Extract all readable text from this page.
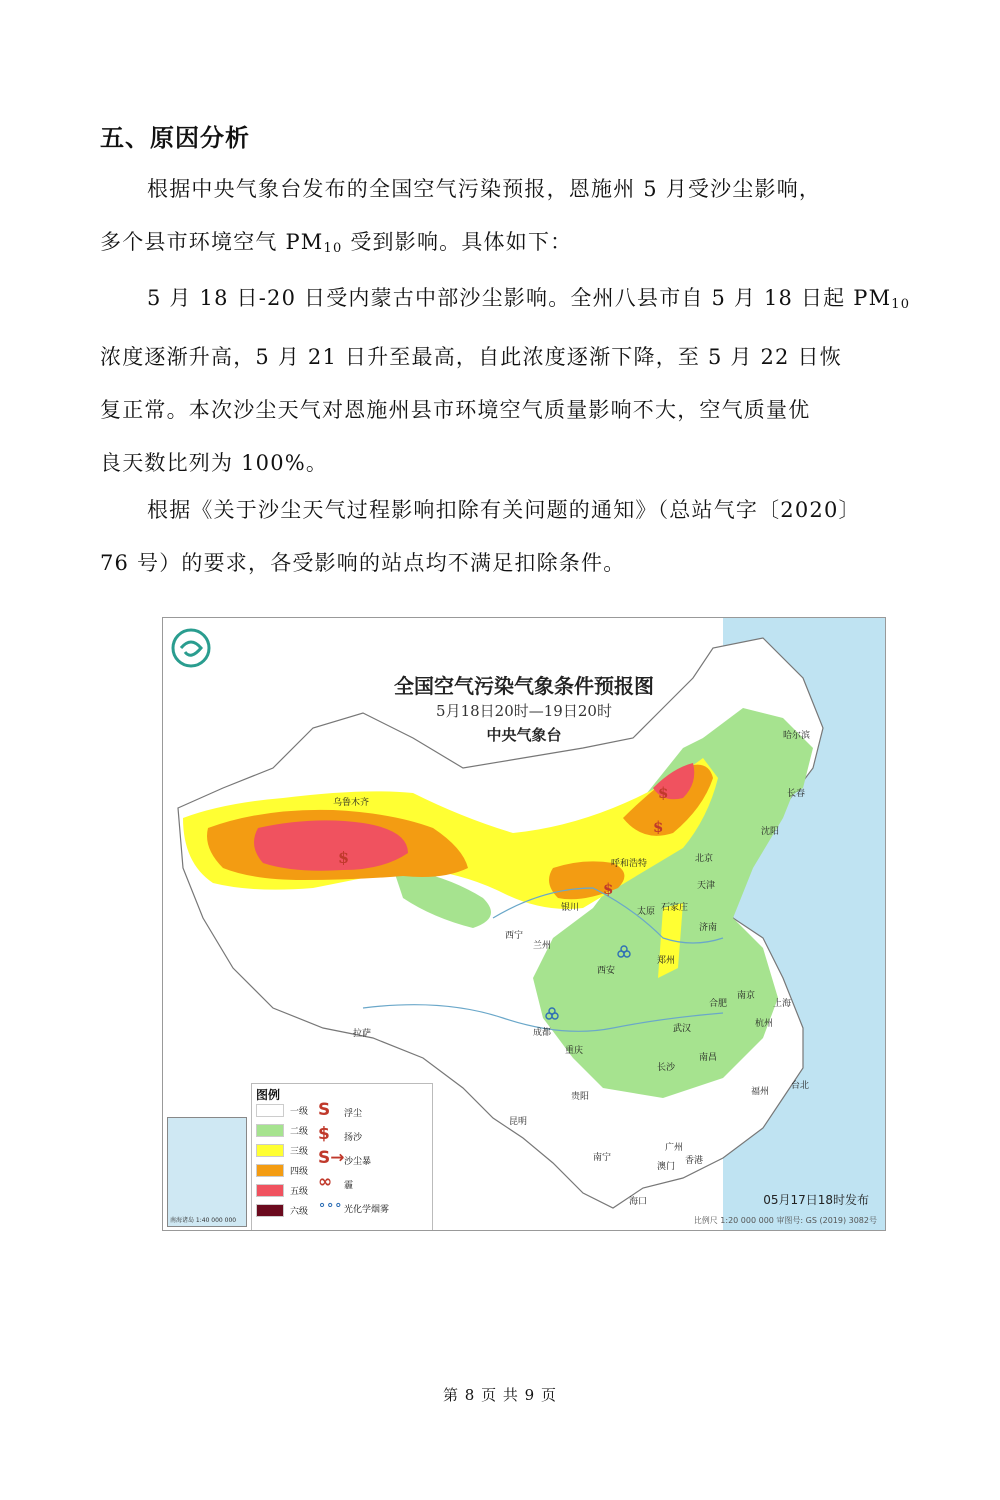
五、原因分析
根据中央气象台发布的全国空气污染预报，恩施州 5 月受沙尘影响，
多个县市环境空气 $PM_{10}$ 受到影响。具体如下：
5 月 18 日-20 日受内蒙古中部沙尘影响。全州八县市自 5 月 18 日起 $PM_{10}$
浓度逐渐升高，5 月 21 日升至最高，自此浓度逐渐下降，至 5 月 22 日恢
复正常。本次沙尘天气对恩施州县市环境空气质量影响不大，空气质量优
良天数比列为 100%。
根据《关于沙尘天气过程影响扣除有关问题的通知》（总站气字〔2020〕
76 号）的要求，各受影响的站点均不满足扣除条件。
$
$
$
$
全国空气污染气象条件预报图
5月18日20时—19日20时
中央气象台
乌鲁木齐
哈尔滨
长春
沈阳
呼和浩特	北京
天津
银川	太原 石家庄
西宁
兰州
济南
西安
郑州
合肥
南京
上海
拉萨	成都	武汉	杭州
重庆
长沙
南昌
贵阳	福州
台北
昆明
广州
南宁
澳门
香港
海口
南海诸岛 1:40 000 000
图例
一级
二级
三级
四级
五级
六级
S 浮尘
$ 扬沙
S→ 沙尘暴
∞ 霾
∘∘∘ 光化学烟雾
05月17日18时发布
比例尺 1:20 000 000 审图号: GS (2019) 3082号
第 8 页 共 9 页
